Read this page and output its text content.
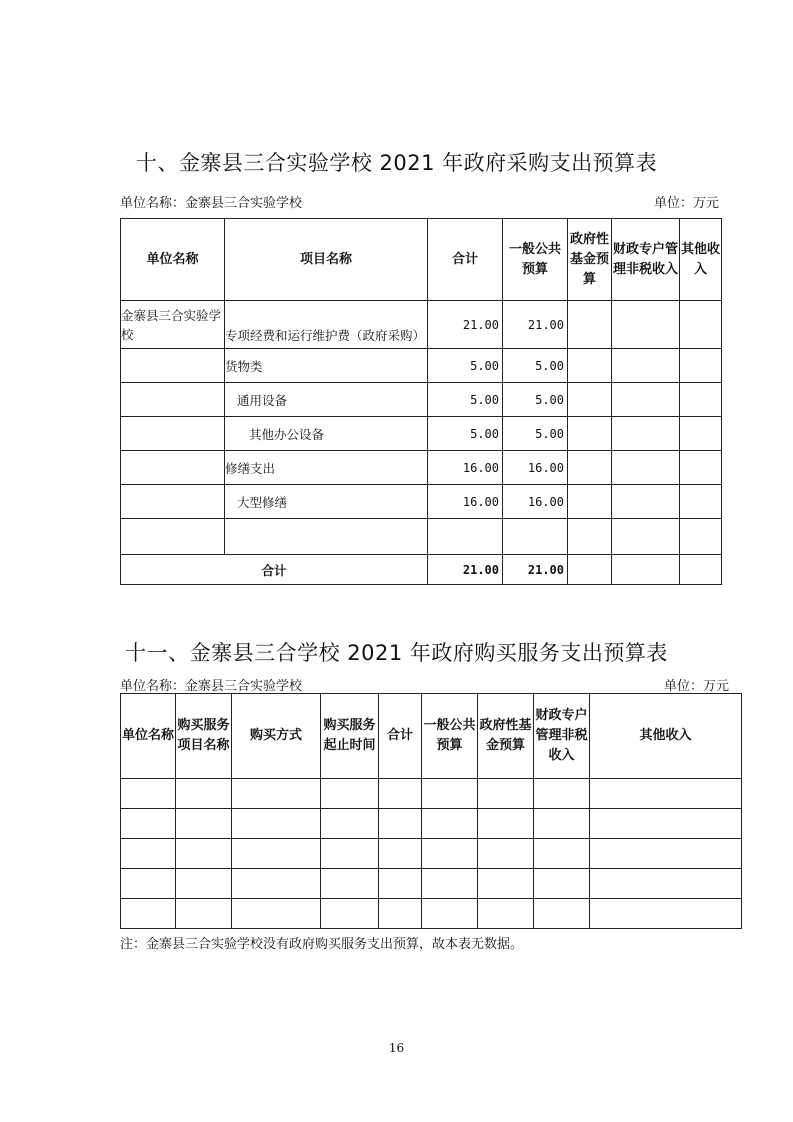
十、金寨县三合实验学校 2021 年政府采购支出预算表
单位名称：金寨县三合实验学校	单位：万元
单位名称	项目名称	合计	一般公共预算	政府性基金预算	财政专户管理非税收入	其他收入
金寨县三合实验学校	专项经费和运行维护费（政府采购）	21.00	21.00			
	货物类	5.00	5.00			
	通用设备	5.00	5.00			
	其他办公设备	5.00	5.00			
	修缮支出	16.00	16.00			
	大型修缮	16.00	16.00			

合计		21.00	21.00			
十一、金寨县三合学校 2021 年政府购买服务支出预算表
单位名称：金寨县三合实验学校	单位：万元
单位名称	购买服务项目名称	购买方式	购买服务起止时间	合计	一般公共预算	政府性基金预算	财政专户管理非税收入	其他收入

注：金寨县三合实验学校没有政府购买服务支出预算，故本表无数据。
16
